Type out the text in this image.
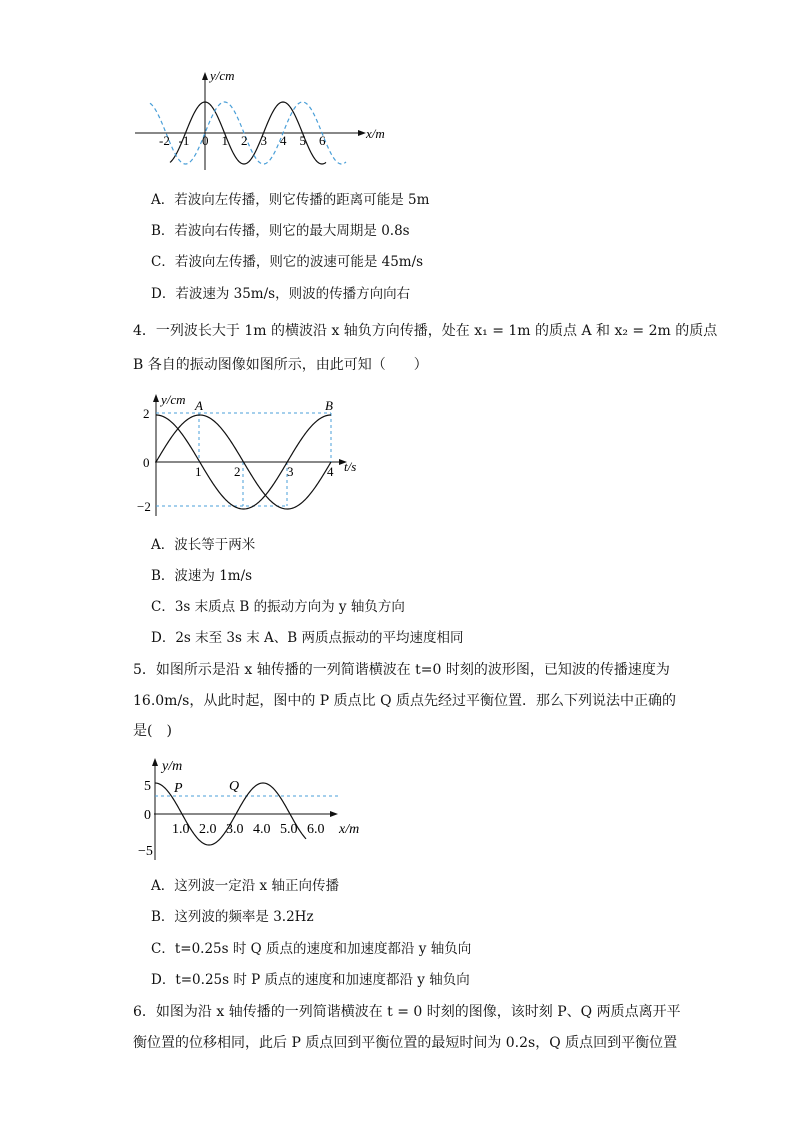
y/cm
x/m
-2 -1 0 1 2 3 4 5 6
A．若波向左传播，则它传播的距离可能是 5m
B．若波向右传播，则它的最大周期是 0.8s
C．若波向左传播，则它的波速可能是 45m/s
D．若波速为 35m/s，则波的传播方向向右
4．一列波长大于 1m 的横波沿 x 轴负方向传播，处在 x₁ = 1m 的质点 A 和 x₂ = 2m 的质点
B 各自的振动图像如图所示，由此可知（　　）
y/cm
t/s
2
0
−2
1	2	3	4
A	B
A．波长等于两米
B．波速为 1m/s
C．3s 末质点 B 的振动方向为 y 轴负方向
D．2s 末至 3s 末 A、B 两质点振动的平均速度相同
5．如图所示是沿 x 轴传播的一列简谐横波在 t=0 时刻的波形图，已知波的传播速度为
16.0m/s，从此时起，图中的 P 质点比 Q 质点先经过平衡位置．那么下列说法中正确的
是(　)
y/m
x/m
5
0
−5
1.0 2.0 3.0 4.0 5.0 6.0
P	Q
A．这列波一定沿 x 轴正向传播
B．这列波的频率是 3.2Hz
C．t=0.25s 时 Q 质点的速度和加速度都沿 y 轴负向
D．t=0.25s 时 P 质点的速度和加速度都沿 y 轴负向
6．如图为沿 x 轴传播的一列简谐横波在 t = 0 时刻的图像，该时刻 P、Q 两质点离开平
衡位置的位移相同，此后 P 质点回到平衡位置的最短时间为 0.2s，Q 质点回到平衡位置
